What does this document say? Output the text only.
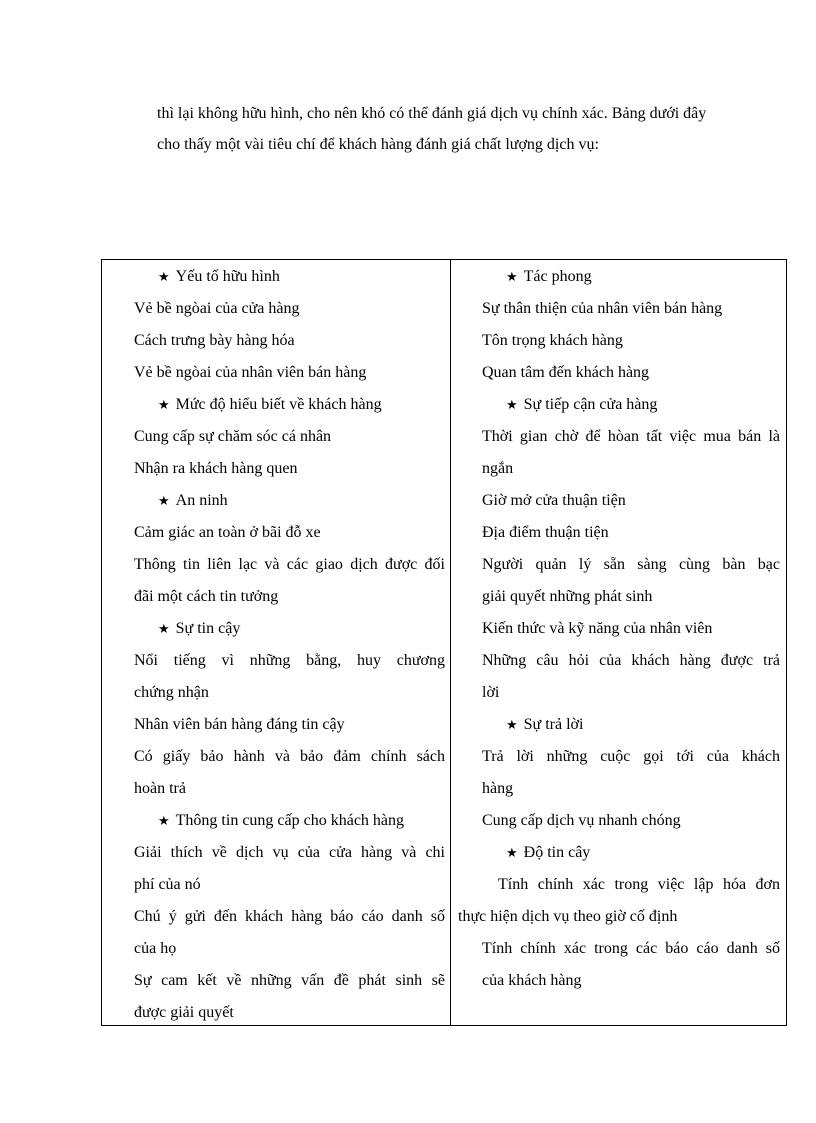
thì lại không hữu hình, cho nên khó có thể đánh giá dịch vụ chính xác. Bảng dưới đây
cho thấy một vài tiêu chí để khách hàng đánh giá chất lượng dịch vụ:
★ Yếu tố hữu hình
Vẻ bề ngòai của cửa hàng
Cách trưng bày hàng hóa
Vẻ bề ngòai của nhân viên bán hàng
★ Mức độ hiểu biết về khách hàng
Cung cấp sự chăm sóc cá nhân
Nhận ra khách hàng quen
★ An ninh
Cảm giác an toàn ở bãi đỗ xe
Thông tin liên lạc và các giao dịch được đối
đãi một cách tin tưởng
★ Sự tin cậy
Nổi tiếng vì những bằng, huy chương
chứng nhận
Nhân viên bán hàng đáng tin cậy
Có giấy bảo hành và bảo đảm chính sách
hoàn trả
★ Thông tin cung cấp cho khách hàng
Giải thích về dịch vụ của cửa hàng và chi
phí của nó
Chú ý gửi đến khách hàng báo cáo danh số
của họ
Sự cam kết về những vấn đề phát sinh sẽ
được giải quyết
★ Tác phong
Sự thân thiện của nhân viên bán hàng
Tôn trọng khách hàng
Quan tâm đến khách hàng
★ Sự tiếp cận cửa hàng
Thời gian chờ để hòan tất việc mua bán là
ngắn
Giờ mở cửa thuận tiện
Địa điểm thuận tiện
Người quản lý sẵn sàng cùng bàn bạc
giải quyết những phát sinh
Kiến thức và kỹ năng của nhân viên
Những câu hỏi của khách hàng được trả
lời
★ Sự trả lời
Trả lời những cuộc gọi tới của khách
hàng
Cung cấp dịch vụ nhanh chóng
★ Độ tin cây
Tính chính xác trong việc lập hóa đơn
thực hiện dịch vụ theo giờ cố định
Tính chính xác trong các báo cáo danh số
của khách hàng
